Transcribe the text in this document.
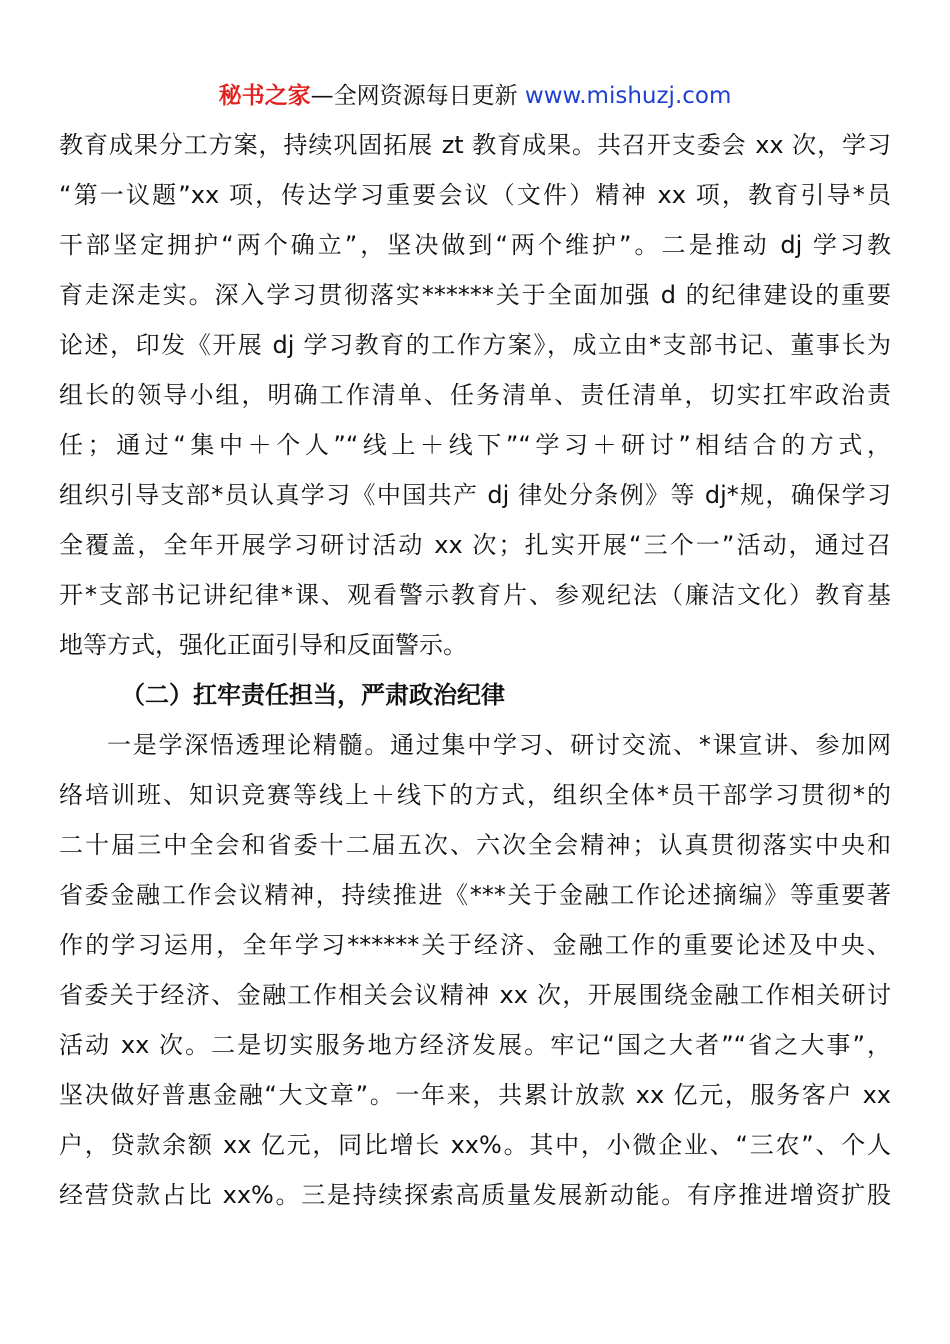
秘书之家—全网资源每日更新 www.mishuzj.com
教育成果分工方案，持续巩固拓展 zt 教育成果。共召开支委会 xx 次，学习
“第一议题”xx 项，传达学习重要会议（文件）精神 xx 项，教育引导*员
干部坚定拥护“两个确立”，坚决做到“两个维护”。二是推动 dj 学习教
育走深走实。深入学习贯彻落实******关于全面加强 d 的纪律建设的重要
论述，印发《开展 dj 学习教育的工作方案》，成立由*支部书记、董事长为
组长的领导小组，明确工作清单、任务清单、责任清单，切实扛牢政治责
任；通过“集中＋个人”“线上＋线下”“学习＋研讨”相结合的方式，
组织引导支部*员认真学习《中国共产 dj 律处分条例》等 dj*规，确保学习
全覆盖，全年开展学习研讨活动 xx 次；扎实开展“三个一”活动，通过召
开*支部书记讲纪律*课、观看警示教育片、参观纪法（廉洁文化）教育基
地等方式，强化正面引导和反面警示。
（二）扛牢责任担当，严肃政治纪律
一是学深悟透理论精髓。通过集中学习、研讨交流、*课宣讲、参加网
络培训班、知识竞赛等线上＋线下的方式，组织全体*员干部学习贯彻*的
二十届三中全会和省委十二届五次、六次全会精神；认真贯彻落实中央和
省委金融工作会议精神，持续推进《***关于金融工作论述摘编》等重要著
作的学习运用，全年学习******关于经济、金融工作的重要论述及中央、
省委关于经济、金融工作相关会议精神 xx 次，开展围绕金融工作相关研讨
活动 xx 次。二是切实服务地方经济发展。牢记“国之大者”“省之大事”，
坚决做好普惠金融“大文章”。一年来，共累计放款 xx 亿元，服务客户 xx
户，贷款余额 xx 亿元，同比增长 xx%。其中，小微企业、“三农”、个人
经营贷款占比 xx%。三是持续探索高质量发展新动能。有序推进增资扩股
